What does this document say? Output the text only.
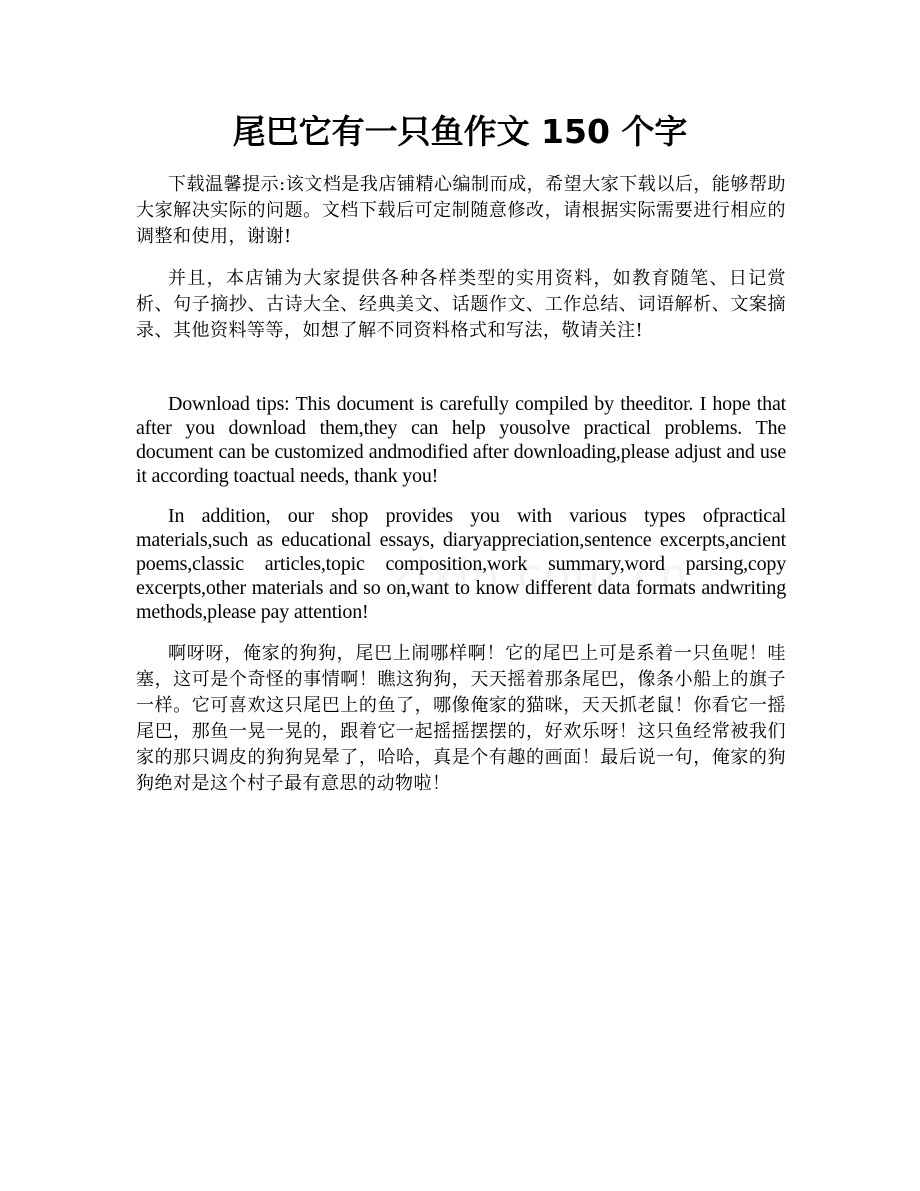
尾巴它有一只鱼作文 150 个字

下载温馨提示:该文档是我店铺精心编制而成，希望大家下载以后，能够帮助大家解决实际的问题。文档下载后可定制随意修改，请根据实际需要进行相应的调整和使用，谢谢!

并且，本店铺为大家提供各种各样类型的实用资料，如教育随笔、日记赏析、句子摘抄、古诗大全、经典美文、话题作文、工作总结、词语解析、文案摘录、其他资料等等，如想了解不同资料格式和写法，敬请关注!

Download tips: This document is carefully compiled by theeditor. I hope that after you download them,they can help yousolve practical problems. The document can be customized andmodified after downloading,please adjust and use it according toactual needs, thank you!

In addition, our shop provides you with various types ofpractical materials,such as educational essays, diaryappreciation,sentence excerpts,ancient poems,classic articles,topic composition,work summary,word parsing,copy excerpts,other materials and so on,want to know different data formats andwriting methods,please pay attention!

啊呀呀，俺家的狗狗，尾巴上闹哪样啊！它的尾巴上可是系着一只鱼呢！哇塞，这可是个奇怪的事情啊！瞧这狗狗，天天摇着那条尾巴，像条小船上的旗子一样。它可喜欢这只尾巴上的鱼了，哪像俺家的猫咪，天天抓老鼠！你看它一摇尾巴，那鱼一晃一晃的，跟着它一起摇摇摆摆的，好欢乐呀！这只鱼经常被我们家的那只调皮的狗狗晃晕了，哈哈，真是个有趣的画面！最后说一句，俺家的狗狗绝对是这个村子最有意思的动物啦！
